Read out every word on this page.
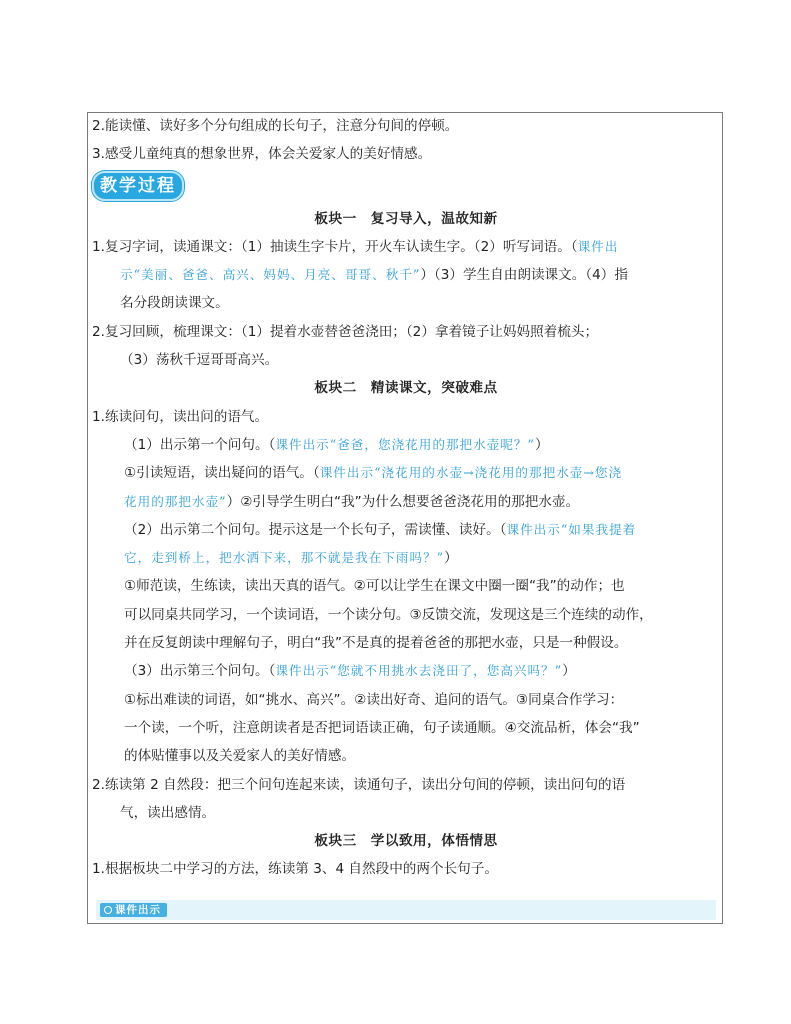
2.能读懂、读好多个分句组成的长句子，注意分句间的停顿。
3.感受儿童纯真的想象世界，体会关爱家人的美好情感。
教学过程
板块一　复习导入，温故知新
1.复习字词，读通课文：（1）抽读生字卡片，开火车认读生字。（2）听写词语。（课件出
示“美丽、爸爸、高兴、妈妈、月亮、哥哥、秋千”）（3）学生自由朗读课文。（4）指
名分段朗读课文。
2.复习回顾，梳理课文：（1）提着水壶替爸爸浇田；（2）拿着镜子让妈妈照着梳头；
（3）荡秋千逗哥哥高兴。
板块二　精读课文，突破难点
1.练读问句，读出问的语气。
（1）出示第一个问句。（课件出示“爸爸，您浇花用的那把水壶呢？”）
①引读短语，读出疑问的语气。（课件出示“浇花用的水壶→浇花用的那把水壶→您浇
花用的那把水壶”）②引导学生明白“我”为什么想要爸爸浇花用的那把水壶。
（2）出示第二个问句。提示这是一个长句子，需读懂、读好。（课件出示“如果我提着
它，走到桥上，把水洒下来，那不就是我在下雨吗？”）
①师范读，生练读，读出天真的语气。②可以让学生在课文中圈一圈“我”的动作；也
可以同桌共同学习，一个读词语，一个读分句。③反馈交流，发现这是三个连续的动作，
并在反复朗读中理解句子，明白“我”不是真的提着爸爸的那把水壶，只是一种假设。
（3）出示第三个问句。（课件出示“您就不用挑水去浇田了，您高兴吗？”）
①标出难读的词语，如“挑水、高兴”。②读出好奇、追问的语气。③同桌合作学习：
一个读，一个听，注意朗读者是否把词语读正确，句子读通顺。④交流品析，体会“我”
的体贴懂事以及关爱家人的美好情感。
2.练读第 2 自然段：把三个问句连起来读，读通句子，读出分句间的停顿，读出问句的语
气，读出感情。
板块三　学以致用，体悟情思
1.根据板块二中学习的方法，练读第 3、4 自然段中的两个长句子。
课件出示
